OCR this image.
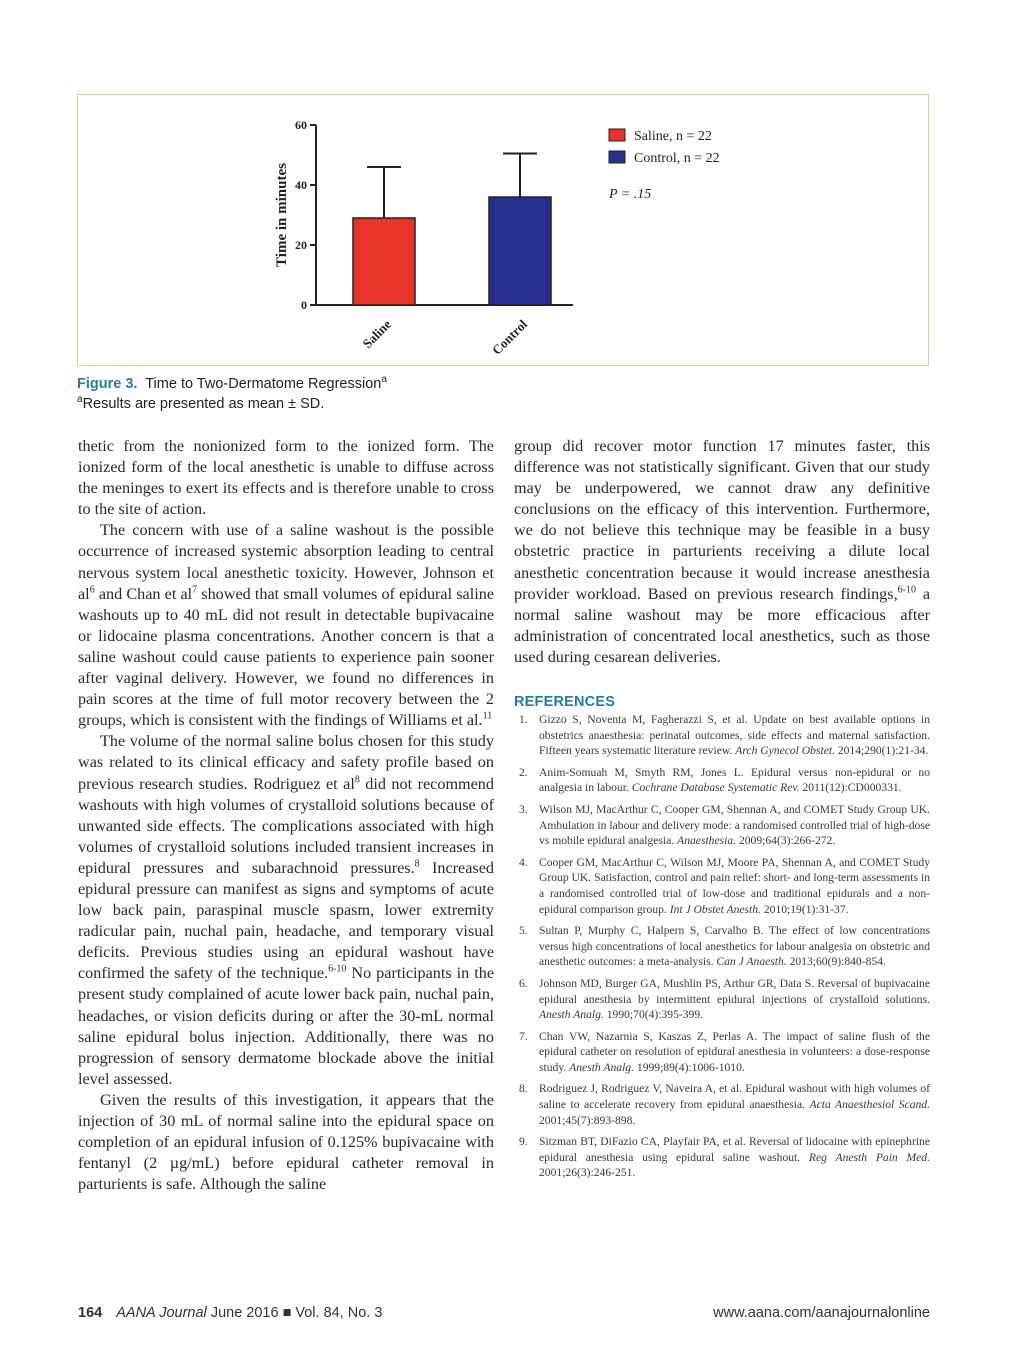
0
20
40
60
Time in minutes
Saline	Control
Saline, n = 22
Control, n = 22
P = .15
Figure 3. Time to Two-Dermatome Regression$^a$
$^a$Results are presented as mean ± SD.

thetic from the nonionized form to the ionized form. The ionized form of the local anesthetic is unable to diffuse across the meninges to exert its effects and is therefore unable to cross to the site of action.

The concern with use of a saline washout is the possible occurrence of increased systemic absorption leading to central nervous system local anesthetic toxicity. However, Johnson et $al^6$ and Chan et $al^7$ showed that small volumes of epidural saline washouts up to 40 mL did not result in detectable bupivacaine or lidocaine plasma concentrations. Another concern is that a saline washout could cause patients to experience pain sooner after vaginal delivery. However, we found no differences in pain scores at the time of full motor recovery between the 2 groups, which is consistent with the findings of Williams et al.$^{11}$

The volume of the normal saline bolus chosen for this study was related to its clinical efficacy and safety profile based on previous research studies. Rodriguez et $al^8$ did not recommend washouts with high volumes of crystalloid solutions because of unwanted side effects. The complications associated with high volumes of crystalloid solutions included transient increases in epidural pressures and subarachnoid pressures.$^8$ Increased epidural pressure can manifest as signs and symptoms of acute low back pain, paraspinal muscle spasm, lower extremity radicular pain, nuchal pain, headache, and temporary visual deficits. Previous studies using an epidural washout have confirmed the safety of the technique.$^{6-10}$ No participants in the present study complained of acute lower back pain, nuchal pain, headaches, or vision deficits during or after the 30-mL normal saline epidural bolus injection. Additionally, there was no progression of sensory dermatome blockade above the initial level assessed.

Given the results of this investigation, it appears that the injection of 30 mL of normal saline into the epidural space on completion of an epidural infusion of 0.125% bupivacaine with fentanyl (2 µg/mL) before epidural catheter removal in parturients is safe. Although the saline

group did recover motor function 17 minutes faster, this difference was not statistically significant. Given that our study may be underpowered, we cannot draw any definitive conclusions on the efficacy of this intervention. Furthermore, we do not believe this technique may be feasible in a busy obstetric practice in parturients receiving a dilute local anesthetic concentration because it would increase anesthesia provider workload. Based on previous research findings,$^{6-10}$ a normal saline washout may be more efficacious after administration of concentrated local anesthetics, such as those used during cesarean deliveries.

REFERENCES
1. Gizzo S, Noventa M, Fagherazzi S, et al. Update on best available options in obstetrics anaesthesia: perinatal outcomes, side effects and maternal satisfaction. Fifteen years systematic literature review. Arch Gynecol Obstet. 2014;290(1):21-34.
2. Anim-Somuah M, Smyth RM, Jones L. Epidural versus non-epidural or no analgesia in labour. Cochrane Database Systematic Rev. 2011(12):CD000331.
3. Wilson MJ, MacArthur C, Cooper GM, Shennan A, and COMET Study Group UK. Ambulation in labour and delivery mode: a randomised controlled trial of high-dose vs mobile epidural analgesia. Anaesthesia. 2009;64(3):266-272.
4. Cooper GM, MacArthur C, Wilson MJ, Moore PA, Shennan A, and COMET Study Group UK. Satisfaction, control and pain relief: short- and long-term assessments in a randomised controlled trial of low-dose and traditional epidurals and a non-epidural comparison group. Int J Obstet Anesth. 2010;19(1):31-37.
5. Sultan P, Murphy C, Halpern S, Carvalho B. The effect of low concentrations versus high concentrations of local anesthetics for labour analgesia on obstetric and anesthetic outcomes: a meta-analysis. Can J Anaesth. 2013;60(9):840-854.
6. Johnson MD, Burger GA, Mushlin PS, Arthur GR, Data S. Reversal of bupivacaine epidural anesthesia by intermittent epidural injections of crystalloid solutions. Anesth Analg. 1990;70(4):395-399.
7. Chan VW, Nazarnia S, Kaszas Z, Perlas A. The impact of saline flush of the epidural catheter on resolution of epidural anesthesia in volunteers: a dose-response study. Anesth Analg. 1999;89(4):1006-1010.
8. Rodriguez J, Rodriguez V, Naveira A, et al. Epidural washout with high volumes of saline to accelerate recovery from epidural anaesthesia. Acta Anaesthesiol Scand. 2001;45(7):893-898.
9. Sitzman BT, DiFazio CA, Playfair PA, et al. Reversal of lidocaine with epinephrine epidural anesthesia using epidural saline washout. Reg Anesth Pain Med. 2001;26(3):246-251.
164 AANA Journal June 2016 ■ Vol. 84, No. 3	www.aana.com/aanajournalonline
